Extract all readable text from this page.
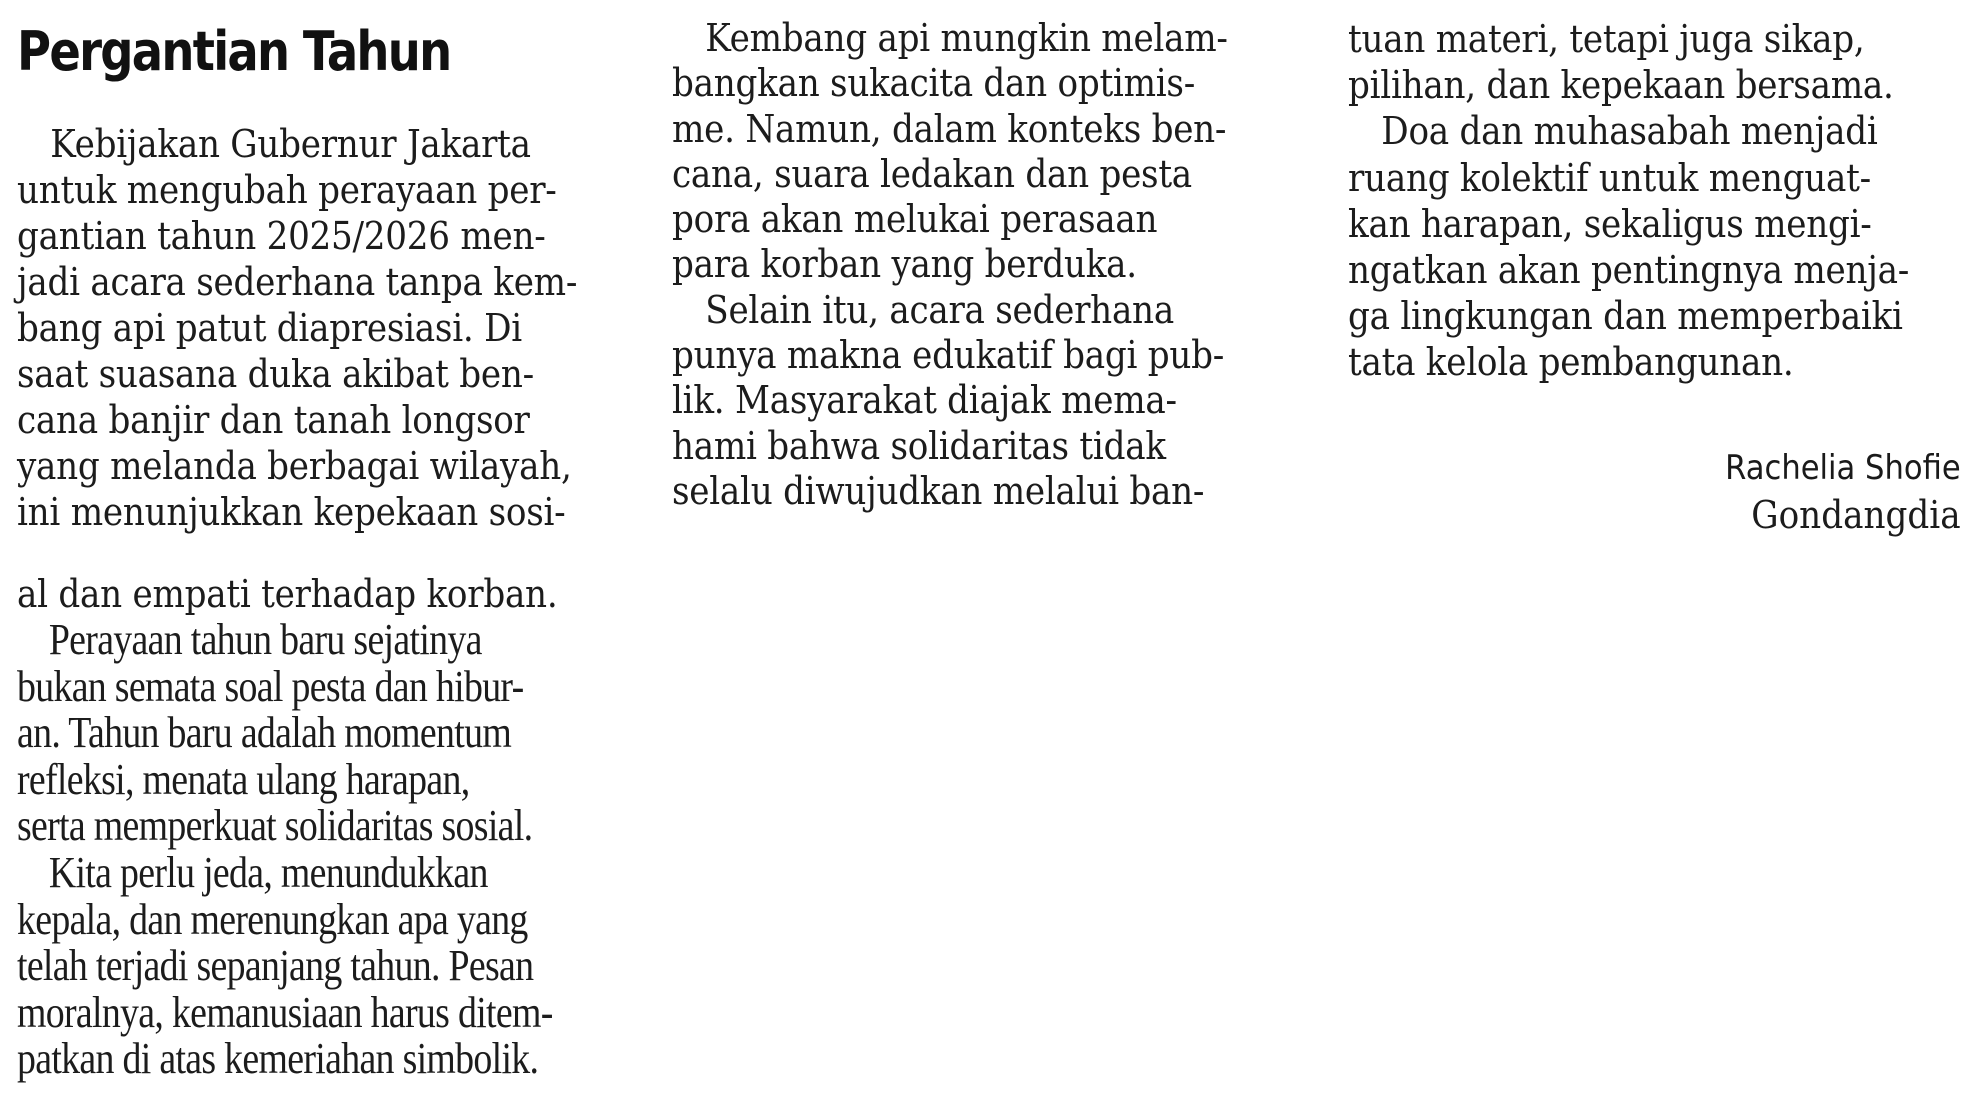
Pergantian Tahun
Kebijakan Gubernur Jakarta
untuk mengubah perayaan per-
gantian tahun 2025/2026 men-
jadi acara sederhana tanpa kem-
bang api patut diapresiasi. Di
saat suasana duka akibat ben-
cana banjir dan tanah longsor
yang melanda berbagai wilayah,
ini menunjukkan kepekaan sosi-
al dan empati terhadap korban.
Perayaan tahun baru sejatinya
bukan semata soal pesta dan hibur-
an. Tahun baru adalah momentum
refleksi, menata ulang harapan,
serta memperkuat solidaritas sosial.
Kita perlu jeda, menundukkan
kepala, dan merenungkan apa yang
telah terjadi sepanjang tahun. Pesan
moralnya, kemanusiaan harus ditem-
patkan di atas kemeriahan simbolik.
Kembang api mungkin melam-
bangkan sukacita dan optimis-
me. Namun, dalam konteks ben-
cana, suara ledakan dan pesta
pora akan melukai perasaan
para korban yang berduka.
Selain itu, acara sederhana
punya makna edukatif bagi pub-
lik. Masyarakat diajak mema-
hami bahwa solidaritas tidak
selalu diwujudkan melalui ban-
tuan materi, tetapi juga sikap,
pilihan, dan kepekaan bersama.
Doa dan muhasabah menjadi
ruang kolektif untuk menguat-
kan harapan, sekaligus mengi-
ngatkan akan pentingnya menja-
ga lingkungan dan memperbaiki
tata kelola pembangunan.
Rachelia Shofie
Gondangdia
